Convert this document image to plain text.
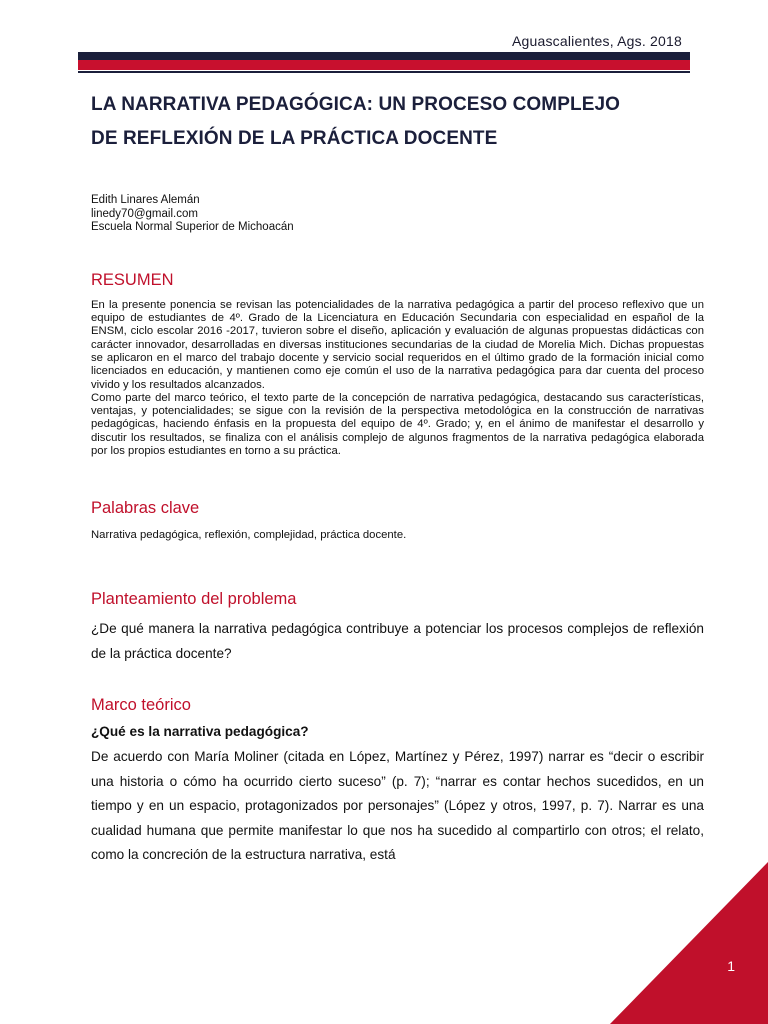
Aguascalientes, Ags. 2018
LA NARRATIVA PEDAGÓGICA: UN PROCESO COMPLEJO
DE REFLEXIÓN DE LA PRÁCTICA DOCENTE
Edith Linares Alemán
linedy70@gmail.com
Escuela Normal Superior de Michoacán
RESUMEN

En la presente ponencia se revisan las potencialidades de la narrativa pedagógica a partir del proceso reflexivo que un equipo de estudiantes de 4º. Grado de la Licenciatura en Educación Secundaria con especialidad en español de la ENSM, ciclo escolar 2016 -2017, tuvieron sobre el diseño, aplicación y evaluación de algunas propuestas didácticas con carácter innovador, desarrolladas en diversas instituciones secundarias de la ciudad de Morelia Mich. Dichas propuestas se aplicaron en el marco del trabajo docente y servicio social requeridos en el último grado de la formación inicial como licenciados en educación, y mantienen como eje común el uso de la narrativa pedagógica para dar cuenta del proceso vivido y los resultados alcanzados.

Como parte del marco teórico, el texto parte de la concepción de narrativa pedagógica, destacando sus características, ventajas, y potencialidades; se sigue con la revisión de la perspectiva metodológica en la construcción de narrativas pedagógicas, haciendo énfasis en la propuesta del equipo de 4º. Grado; y, en el ánimo de manifestar el desarrollo y discutir los resultados, se finaliza con el análisis complejo de algunos fragmentos de la narrativa pedagógica elaborada por los propios estudiantes en torno a su práctica.

Palabras clave
Narrativa pedagógica, reflexión, complejidad, práctica docente.
Planteamiento del problema

¿De qué manera la narrativa pedagógica contribuye a potenciar los procesos complejos de reflexión de la práctica docente?

Marco teórico
¿Qué es la narrativa pedagógica?

De acuerdo con María Moliner (citada en López, Martínez y Pérez, 1997) narrar es “decir o escribir una historia o cómo ha ocurrido cierto suceso” (p. 7); “narrar es contar hechos sucedidos, en un tiempo y en un espacio, protagonizados por personajes” (López y otros, 1997, p. 7). Narrar es una cualidad humana que permite manifestar lo que nos ha sucedido al compartirlo con otros; el relato, como la concreción de la estructura narrativa, está

1
